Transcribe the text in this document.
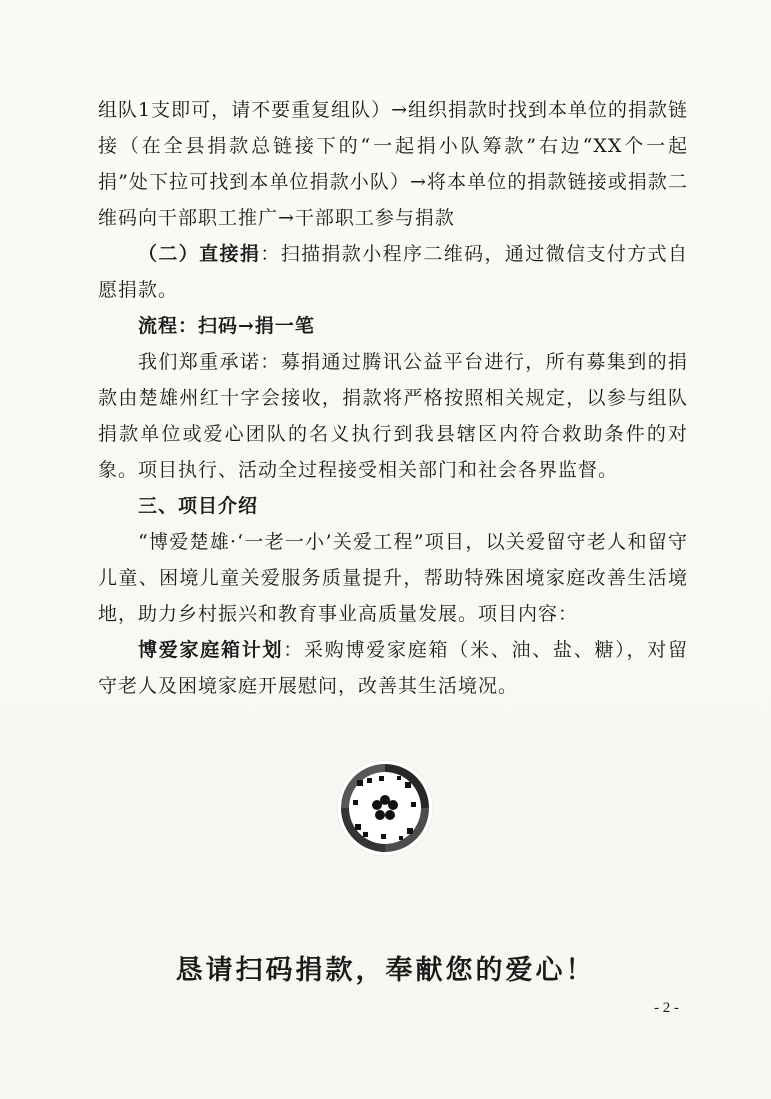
组队1支即可，请不要重复组队）→组织捐款时找到本单位的捐款链接（在全县捐款总链接下的“一起捐小队筹款”右边“XX个一起捐”处下拉可找到本单位捐款小队）→将本单位的捐款链接或捐款二维码向干部职工推广→干部职工参与捐款

（二）直接捐：扫描捐款小程序二维码，通过微信支付方式自愿捐款。

流程：扫码→捐一笔

我们郑重承诺：募捐通过腾讯公益平台进行，所有募集到的捐款由楚雄州红十字会接收，捐款将严格按照相关规定，以参与组队捐款单位或爱心团队的名义执行到我县辖区内符合救助条件的对象。项目执行、活动全过程接受相关部门和社会各界监督。

三、项目介绍

“博爱楚雄·‘一老一小’关爱工程”项目，以关爱留守老人和留守儿童、困境儿童关爱服务质量提升，帮助特殊困境家庭改善生活境地，助力乡村振兴和教育事业高质量发展。项目内容：

博爱家庭箱计划：采购博爱家庭箱（米、油、盐、糖），对留守老人及困境家庭开展慰问，改善其生活境况。

恳请扫码捐款，奉献您的爱心！
- 2 -
